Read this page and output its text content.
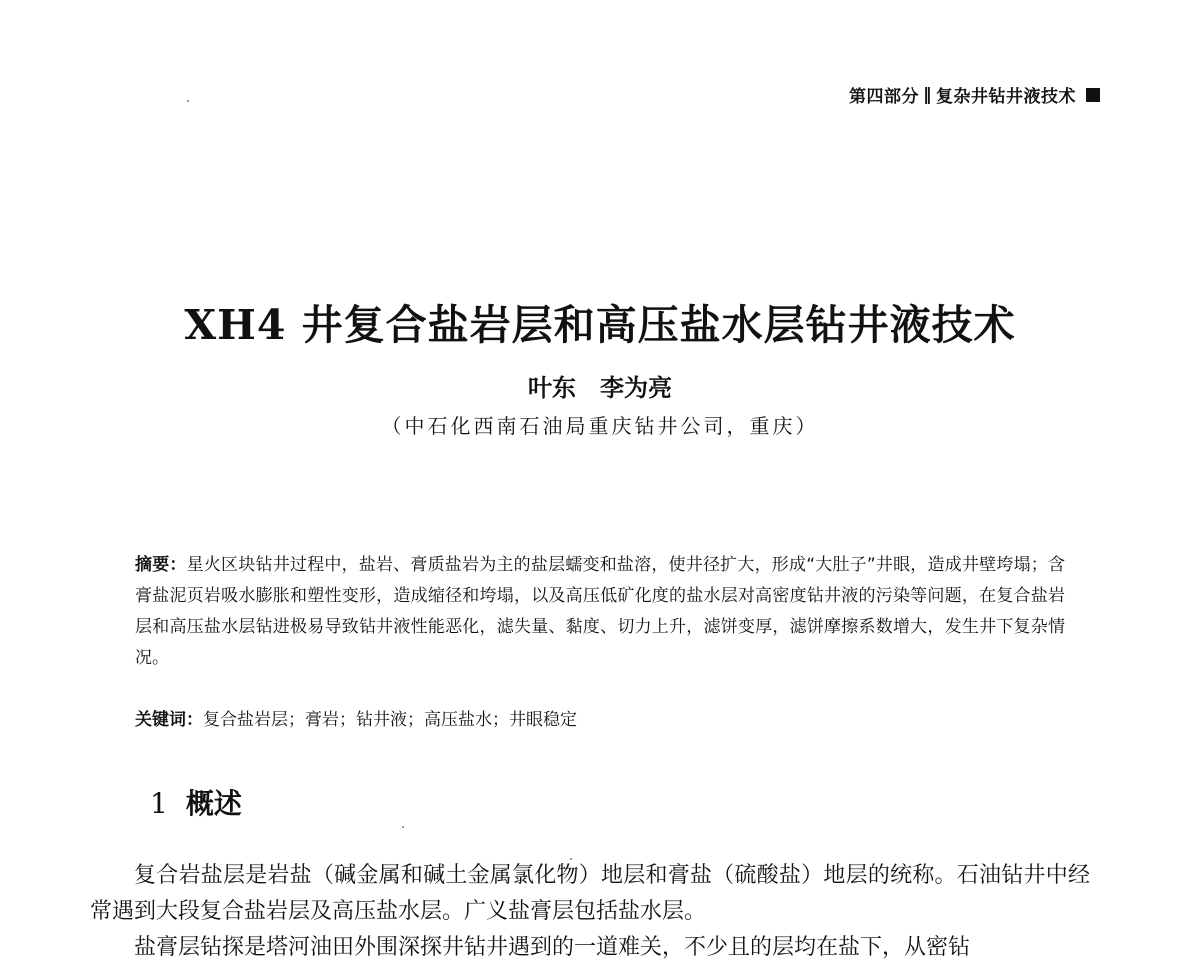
第四部分 ‖ 复杂井钻井液技术
XH4 井复合盐岩层和高压盐水层钻井液技术
叶东　李为亮
（中石化西南石油局重庆钻井公司，重庆）
摘要：星火区块钻井过程中，盐岩、膏质盐岩为主的盐层蠕变和盐溶，使井径扩大，形成“大肚子”井眼，造成井壁垮塌；含膏盐泥页岩吸水膨胀和塑性变形，造成缩径和垮塌，以及高压低矿化度的盐水层对高密度钻井液的污染等问题，在复合盐岩层和高压盐水层钻进极易导致钻井液性能恶化，滤失量、黏度、切力上升，滤饼变厚，滤饼摩擦系数增大，发生井下复杂情况。
关键词：复合盐岩层；膏岩；钻井液；高压盐水；井眼稳定
1 概述

复合岩盐层是岩盐（碱金属和碱土金属氯化物）地层和膏盐（硫酸盐）地层的统称。石油钻井中经常遇到大段复合盐岩层及高压盐水层。广义盐膏层包括盐水层。

盐膏层钻探是塔河油田外围深探井钻井遇到的一道难关，不少且的层均在盐下，从密钻
